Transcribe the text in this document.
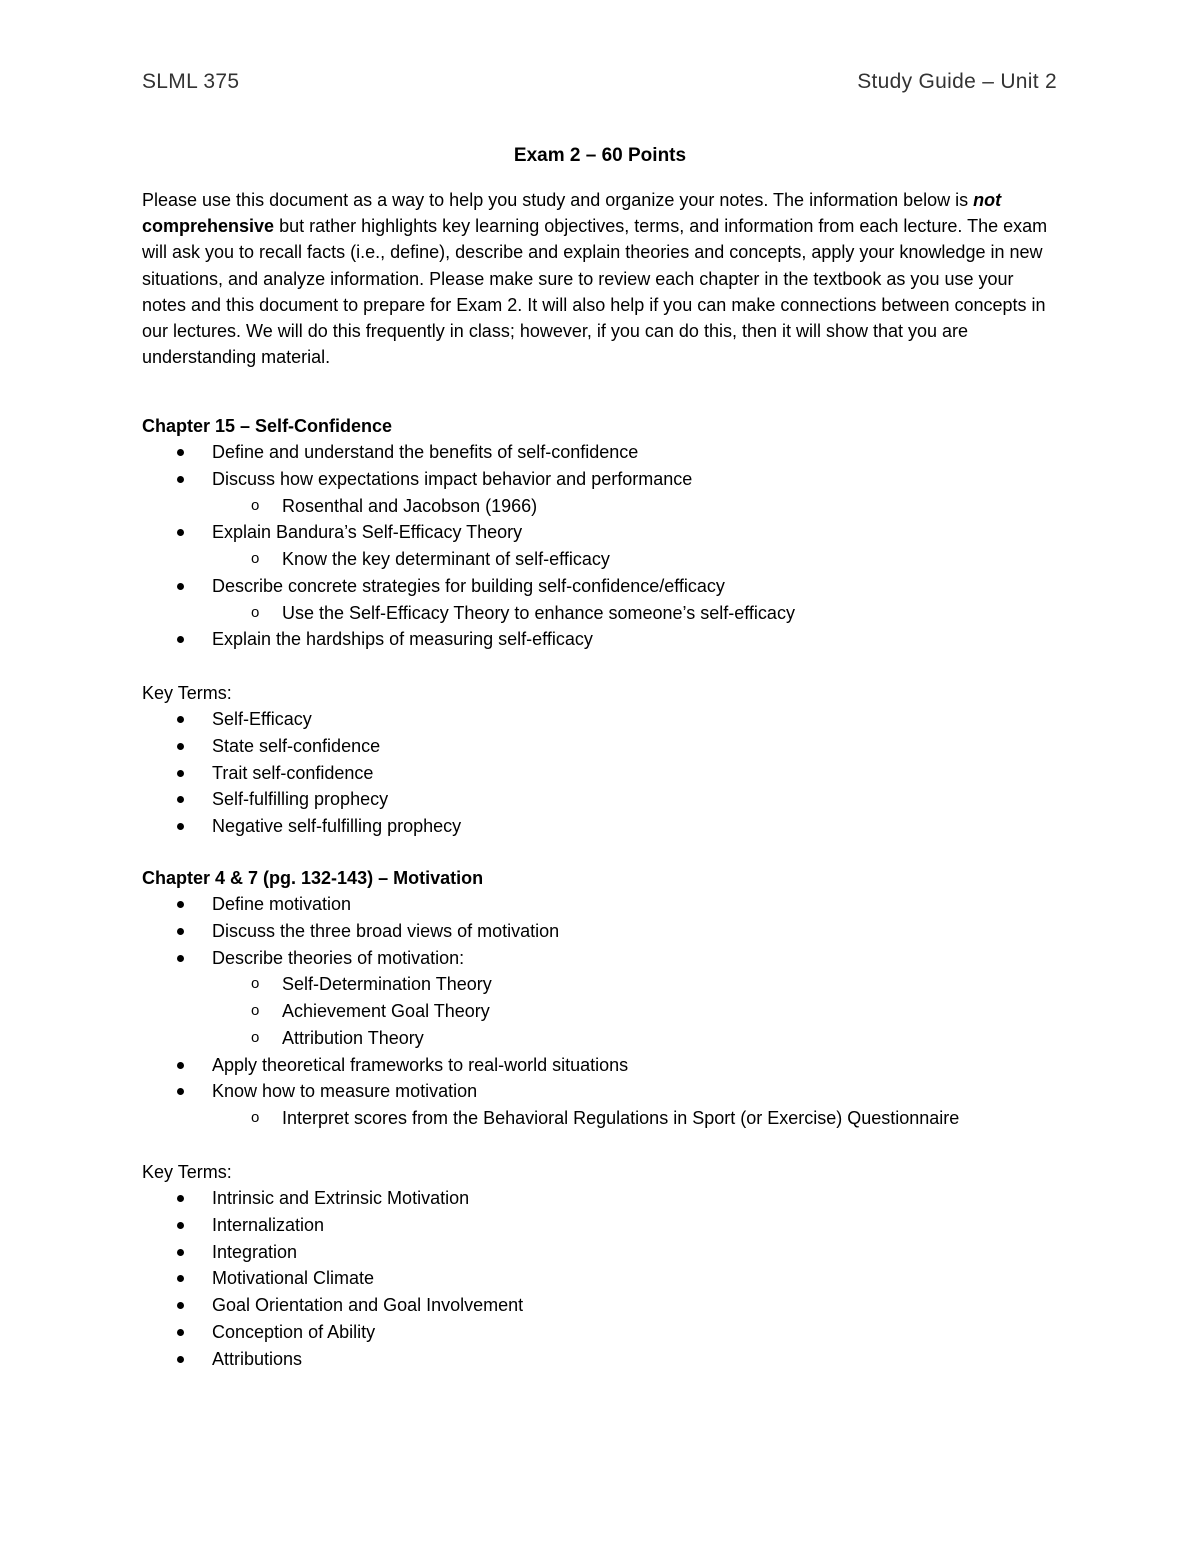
SLML 375	Study Guide – Unit 2
Exam 2 – 60 Points
Please use this document as a way to help you study and organize your notes. The information below is not comprehensive but rather highlights key learning objectives, terms, and information from each lecture. The exam will ask you to recall facts (i.e., define), describe and explain theories and concepts, apply your knowledge in new situations, and analyze information. Please make sure to review each chapter in the textbook as you use your notes and this document to prepare for Exam 2. It will also help if you can make connections between concepts in our lectures. We will do this frequently in class; however, if you can do this, then it will show that you are understanding material.
Chapter 15 – Self-Confidence
Define and understand the benefits of self-confidence
Discuss how expectations impact behavior and performance
o Rosenthal and Jacobson (1966)
Explain Bandura’s Self-Efficacy Theory
o Know the key determinant of self-efficacy
Describe concrete strategies for building self-confidence/efficacy
o Use the Self-Efficacy Theory to enhance someone’s self-efficacy
Explain the hardships of measuring self-efficacy
Key Terms:
Self-Efficacy
State self-confidence
Trait self-confidence
Self-fulfilling prophecy
Negative self-fulfilling prophecy
Chapter 4 & 7 (pg. 132-143) – Motivation
Define motivation
Discuss the three broad views of motivation
Describe theories of motivation:
o Self-Determination Theory
o Achievement Goal Theory
o Attribution Theory
Apply theoretical frameworks to real-world situations
Know how to measure motivation
o Interpret scores from the Behavioral Regulations in Sport (or Exercise) Questionnaire
Key Terms:
Intrinsic and Extrinsic Motivation
Internalization
Integration
Motivational Climate
Goal Orientation and Goal Involvement
Conception of Ability
Attributions
